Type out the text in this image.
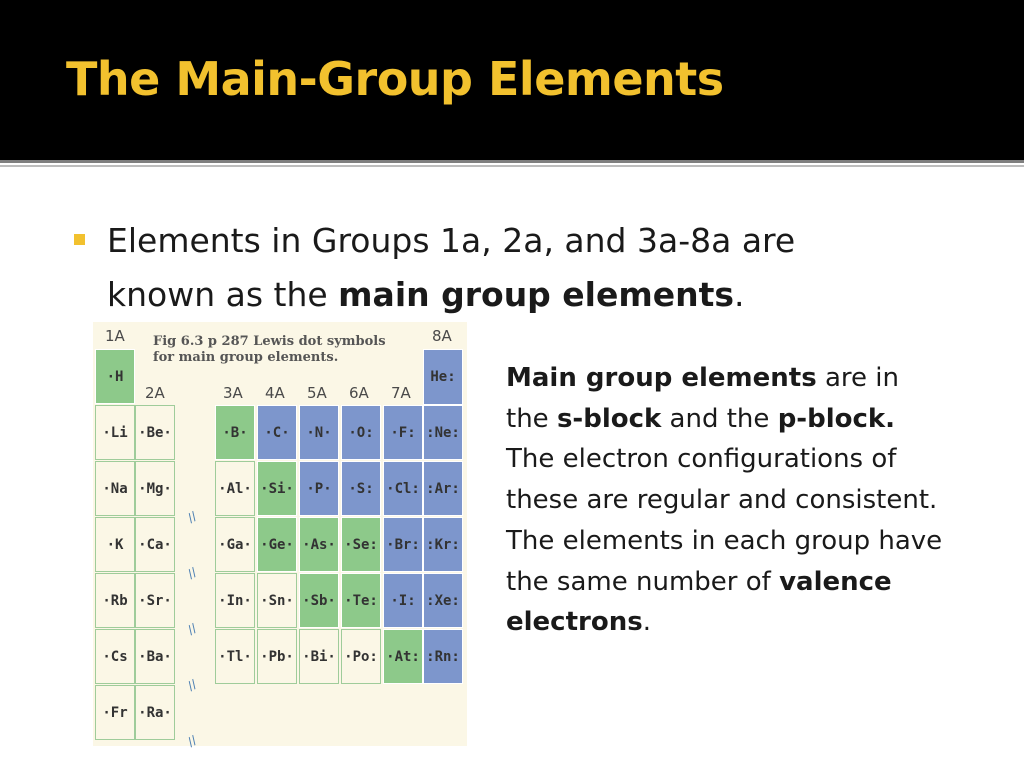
The Main-Group Elements

Elements in Groups 1a, 2a, and 3a-8a are known as the main group elements.

Fig 6.3 p 287 Lewis dot symbols
for main group elements.

1A
2A	3A 4A 5A 6A 7A
8A
·H	He:
·Li ·Be·	·B·	·C·	·N·	·O:	·F: :Ne:
·Na ·Mg·	·Al· ·Si· ·P·	·S: ·Cl: :Ar:
·K	·Ca·	·Ga· ·Ge· ·As· ·Se: ·Br: :Kr:
·Rb ·Sr·	·In· ·Sn· ·Sb· ·Te: ·I: :Xe:
·Cs ·Ba·	·Tl· ·Pb· ·Bi· ·Po: ·At: :Rn:
·Fr ·Ra·
//
//
//
//
//
Main group elements are in the s-block and the p-block.
The electron configurations of these are regular and consistent.
The elements in each group have the same number of valence electrons.
